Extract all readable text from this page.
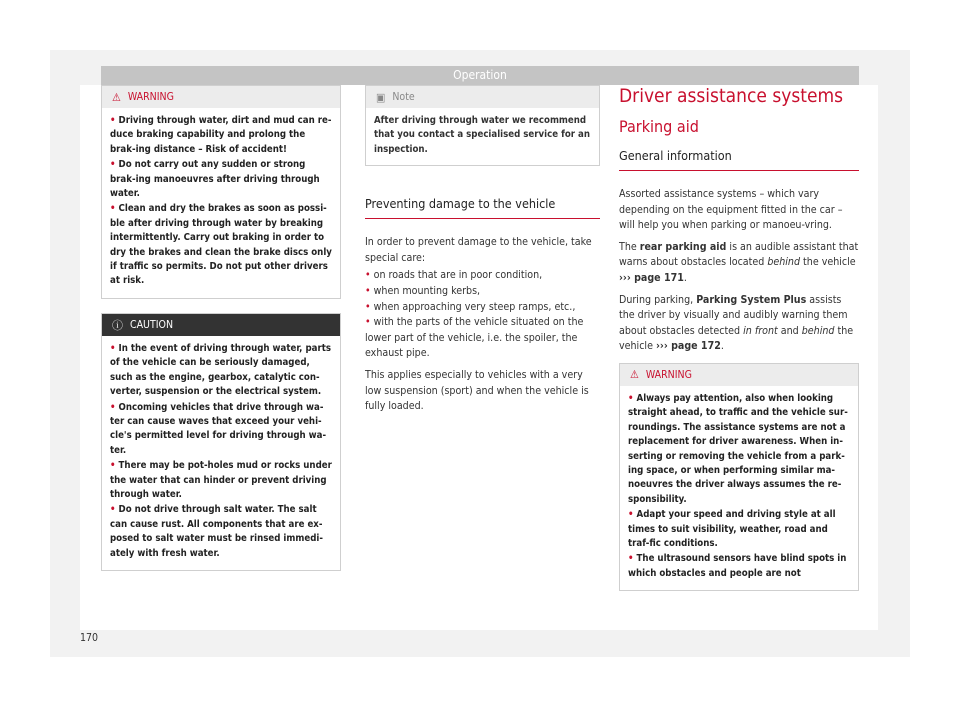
Operation
⚠ WARNING
• Driving through water, dirt and mud can re-duce braking capability and prolong the brak-ing distance – Risk of accident!
• Do not carry out any sudden or strong brak-ing manoeuvres after driving through water.
• Clean and dry the brakes as soon as possi-ble after driving through water by breaking intermittently. Carry out braking in order to dry the brakes and clean the brake discs only if traffic so permits. Do not put other drivers at risk.
ⓘ CAUTION
• In the event of driving through water, parts of the vehicle can be seriously damaged, such as the engine, gearbox, catalytic con-verter, suspension or the electrical system.
• Oncoming vehicles that drive through wa-ter can cause waves that exceed your vehi-cle's permitted level for driving through wa-ter.
• There may be pot-holes mud or rocks under the water that can hinder or prevent driving through water.
• Do not drive through salt water. The salt can cause rust. All components that are ex-posed to salt water must be rinsed immedi-ately with fresh water.
▣ Note
After driving through water we recommend that you contact a specialised service for an inspection.
Preventing damage to the vehicle

In order to prevent damage to the vehicle, take special care:

• on roads that are in poor condition,
• when mounting kerbs,
• when approaching very steep ramps, etc.,
• with the parts of the vehicle situated on the lower part of the vehicle, i.e. the spoiler, the exhaust pipe.

This applies especially to vehicles with a very low suspension (sport) and when the vehicle is fully loaded.

Driver assistance systems
Parking aid
General information

Assorted assistance systems – which vary depending on the equipment fitted in the car – will help you when parking or manoeu-vring.

The rear parking aid is an audible assistant that warns about obstacles located behind the vehicle ››› page 171.

During parking, Parking System Plus assists the driver by visually and audibly warning them about obstacles detected in front and behind the vehicle ››› page 172.

⚠ WARNING
• Always pay attention, also when looking straight ahead, to traffic and the vehicle sur-roundings. The assistance systems are not a replacement for driver awareness. When in-serting or removing the vehicle from a park-ing space, or when performing similar ma-noeuvres the driver always assumes the re-sponsibility.
• Adapt your speed and driving style at all times to suit visibility, weather, road and traf-fic conditions.
• The ultrasound sensors have blind spots in which obstacles and people are not
170
